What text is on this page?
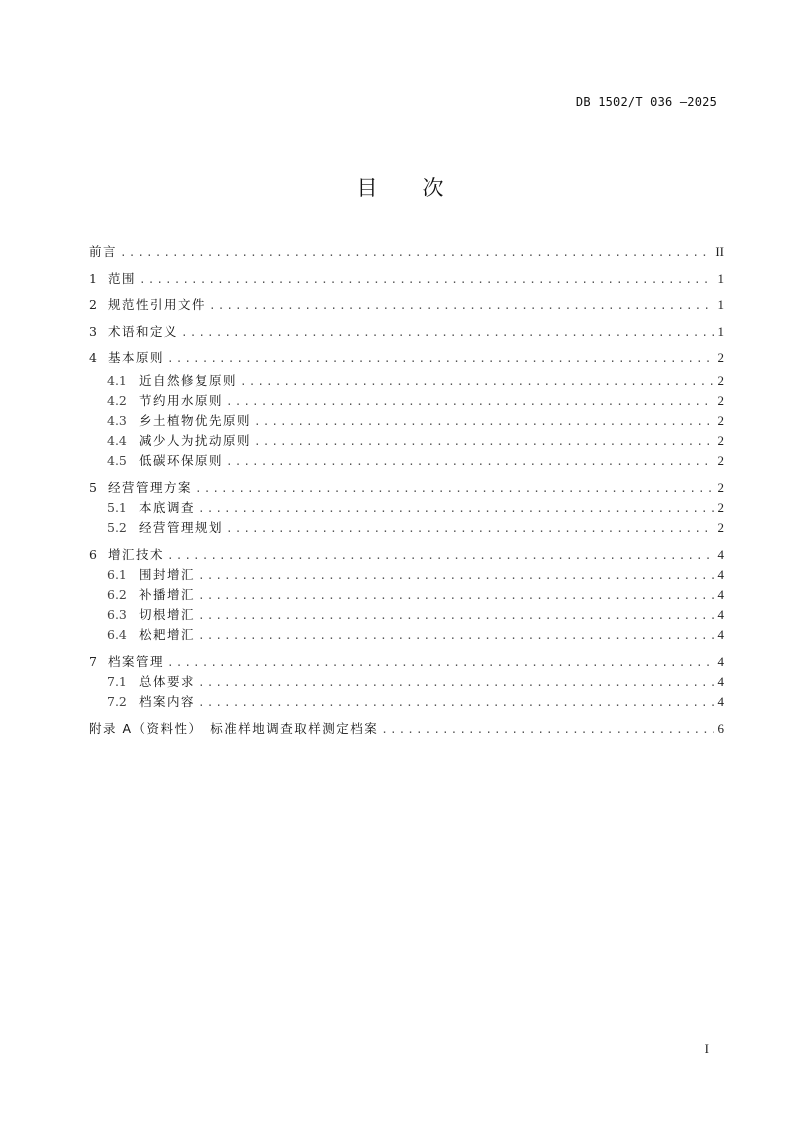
DB 1502/T 036 —2025
目 次
前言 .....	II
1 范围 .....	1
2 规范性引用文件 .....	1
3 术语和定义 .....	1
4 基本原则 .....	2
4.1 近自然修复原则 .....	2
4.2 节约用水原则 .....	2
4.3 乡土植物优先原则 .....	2
4.4 减少人为扰动原则 .....	2
4.5 低碳环保原则 .....	2
5 经营管理方案 .....	2
5.1 本底调查 .....	2
5.2 经营管理规划 .....	2
6 增汇技术 .....	4
6.1 围封增汇 .....	4
6.2 补播增汇 .....	4
6.3 切根增汇 .....	4
6.4 松耙增汇 .....	4
7 档案管理 .....	4
7.1 总体要求 .....	4
7.2 档案内容 .....	4
附录 A（资料性）　标准样地调查取样测定档案 .....	6
I
